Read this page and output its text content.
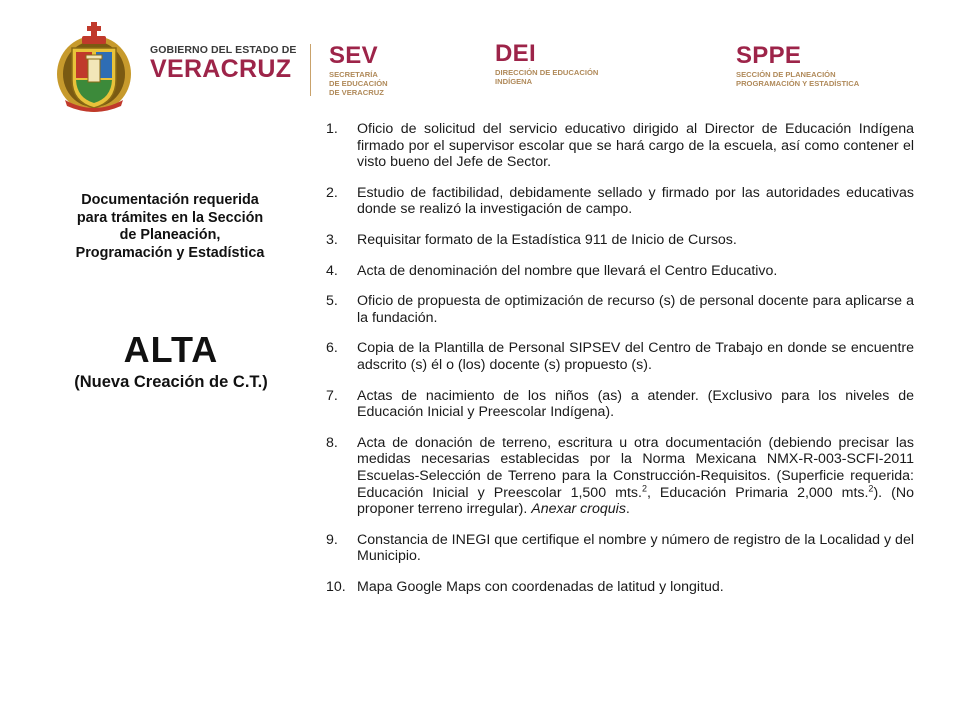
GOBIERNO DEL ESTADO DE
VERACRUZ SEV
SECRETARÍA
DE EDUCACIÓN
DE VERACRUZ
DEI
DIRECCIÓN DE EDUCACIÓN
INDÍGENA
SPPE
SECCIÓN DE PLANEACIÓN
PROGRAMACIÓN Y ESTADÍSTICA
Documentación requerida
para trámites en la Sección
de Planeación,
Programación y Estadística
ALTA
(Nueva Creación de C.T.)
1.	Oficio de solicitud del servicio educativo dirigido al Director de Educación Indígena firmado por el supervisor escolar que se hará cargo de la escuela, así como contener el visto bueno del Jefe de Sector.
2.	Estudio de factibilidad, debidamente sellado y firmado por las autoridades educativas donde se realizó la investigación de campo.
3.	Requisitar formato de la Estadística 911 de Inicio de Cursos.
4.	Acta de denominación del nombre que llevará el Centro Educativo.
5.	Oficio de propuesta de optimización de recurso (s) de personal docente para aplicarse a la fundación.
6.	Copia de la Plantilla de Personal SIPSEV del Centro de Trabajo en donde se encuentre adscrito (s) él o (los) docente (s) propuesto (s).
7.	Actas de nacimiento de los niños (as) a atender. (Exclusivo para los niveles de Educación Inicial y Preescolar Indígena).
8.	Acta de donación de terreno, escritura u otra documentación (debiendo precisar las medidas necesarias establecidas por la Norma Mexicana NMX-R-003-SCFI-2011 Escuelas-Selección de Terreno para la Construcción-Requisitos. (Superficie requerida: Educación Inicial y Preescolar 1,500 mts.$^2$, Educación Primaria 2,000 mts.$^2$). (No proponer terreno irregular). Anexar croquis.
9.	Constancia de INEGI que certifique el nombre y número de registro de la Localidad y del Municipio.
10. Mapa Google Maps con coordenadas de latitud y longitud.
